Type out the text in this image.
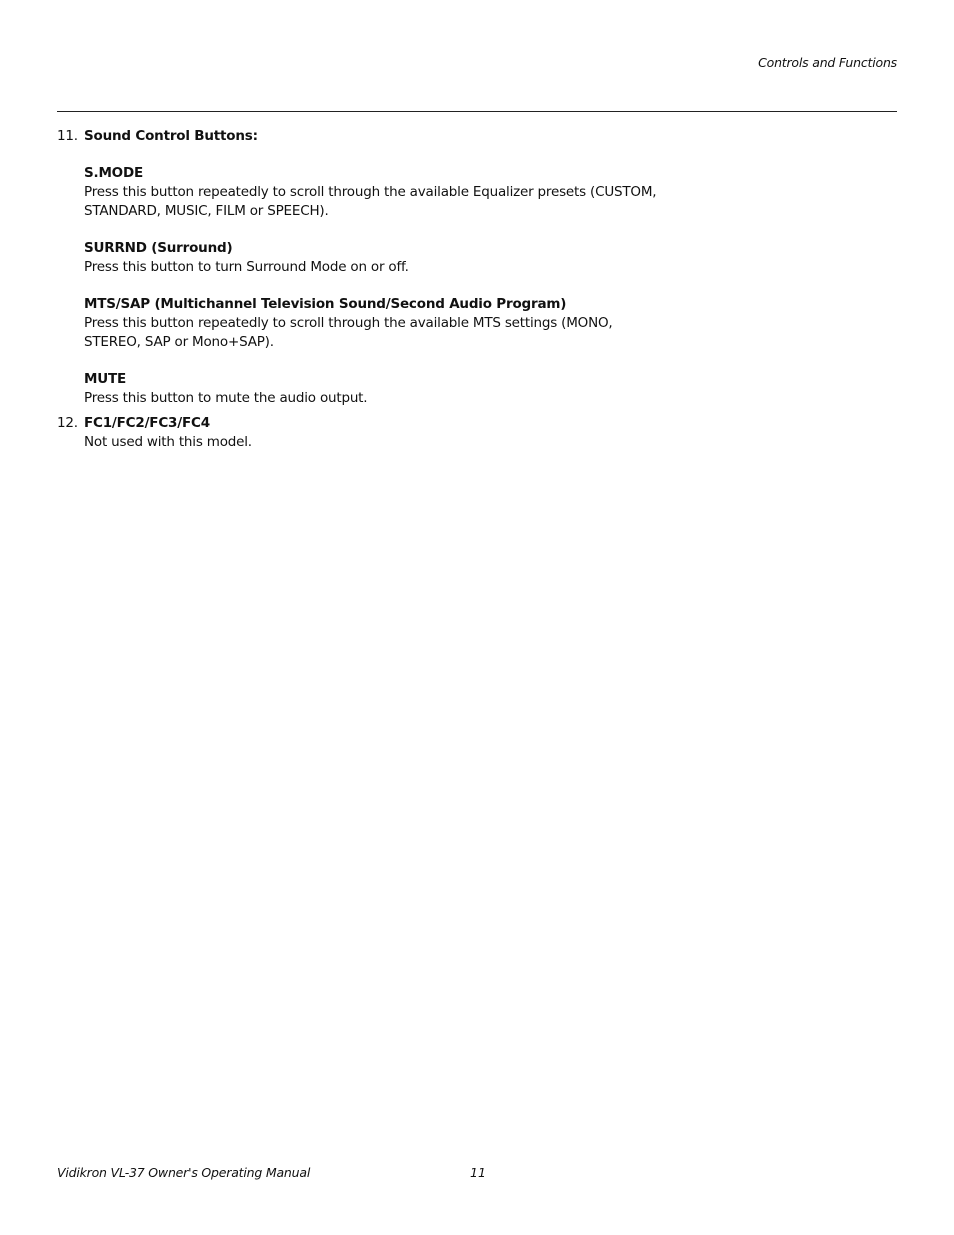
Controls and Functions
11. Sound Control Buttons:
S.MODE
Press this button repeatedly to scroll through the available Equalizer presets (CUSTOM, STANDARD, MUSIC, FILM or SPEECH).
SURRND (Surround)
Press this button to turn Surround Mode on or off.
MTS/SAP (Multichannel Television Sound/Second Audio Program)
Press this button repeatedly to scroll through the available MTS settings (MONO, STEREO, SAP or Mono+SAP).
MUTE
Press this button to mute the audio output.
12. FC1/FC2/FC3/FC4
Not used with this model.
Vidikron VL-37 Owner's Operating Manual	11
